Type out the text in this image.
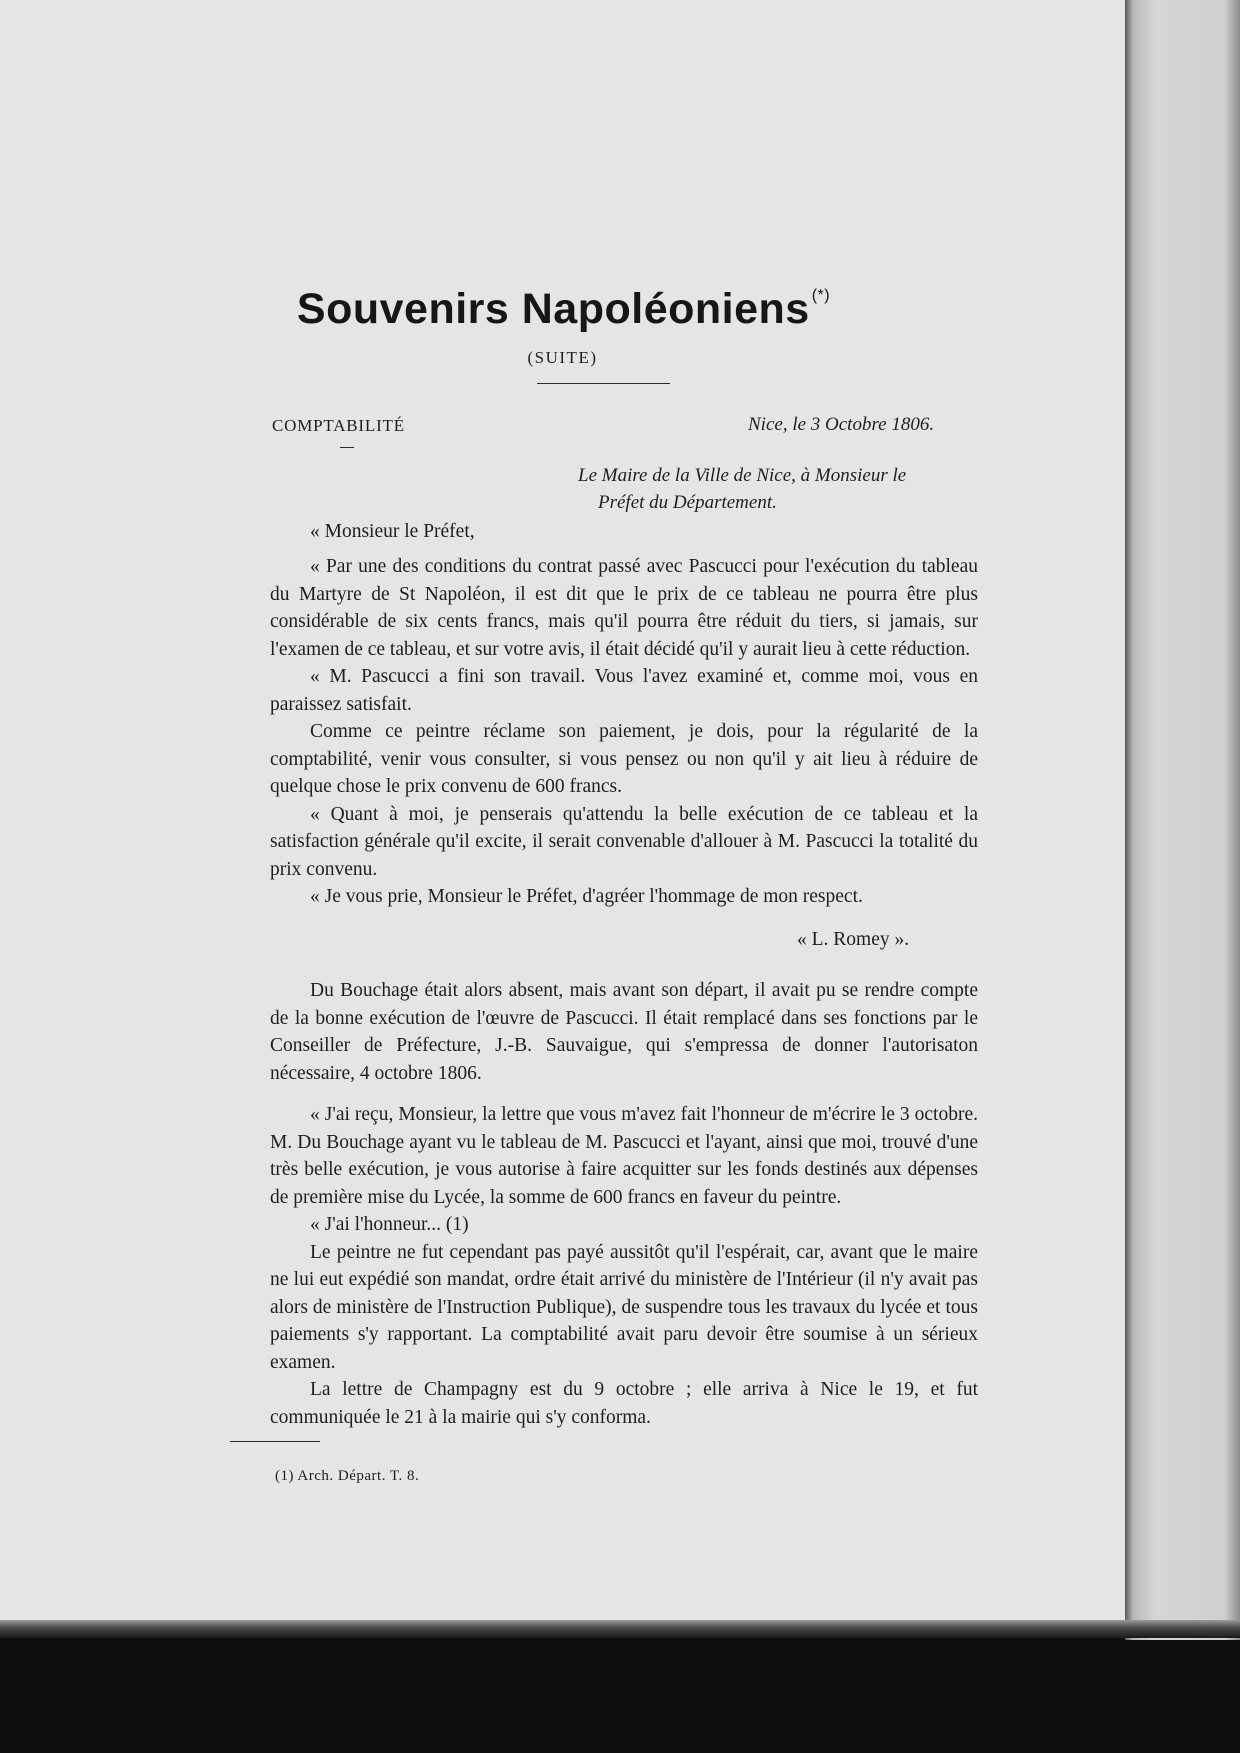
Souvenirs Napoléoniens (*)
(SUITE)
COMPTABILITÉ	Nice, le 3 Octobre 1806.
Le Maire de la Ville de Nice, à Monsieur le
Préfet du Département.
« Monsieur le Préfet,

« Par une des conditions du contrat passé avec Pascucci pour l'exécution du tableau du Martyre de St Napoléon, il est dit que le prix de ce tableau ne pourra être plus considérable de six cents francs, mais qu'il pourra être réduit du tiers, si jamais, sur l'examen de ce tableau, et sur votre avis, il était décidé qu'il y aurait lieu à cette réduction.

« M. Pascucci a fini son travail. Vous l'avez examiné et, comme moi, vous en paraissez satisfait.

Comme ce peintre réclame son paiement, je dois, pour la régularité de la comptabilité, venir vous consulter, si vous pensez ou non qu'il y ait lieu à réduire de quelque chose le prix convenu de 600 francs.

« Quant à moi, je penserais qu'attendu la belle exécution de ce tableau et la satisfaction générale qu'il excite, il serait convenable d'allouer à M. Pascucci la totalité du prix convenu.

« Je vous prie, Monsieur le Préfet, d'agréer l'hommage de mon respect.

« L. Romey ».

Du Bouchage était alors absent, mais avant son départ, il avait pu se rendre compte de la bonne exécution de l'œuvre de Pascucci. Il était remplacé dans ses fonctions par le Conseiller de Préfecture, J.-B. Sauvaigue, qui s'empressa de donner l'autorisaton nécessaire, 4 octobre 1806.

« J'ai reçu, Monsieur, la lettre que vous m'avez fait l'honneur de m'écrire le 3 octobre. M. Du Bouchage ayant vu le tableau de M. Pascucci et l'ayant, ainsi que moi, trouvé d'une très belle exécution, je vous autorise à faire acquitter sur les fonds destinés aux dépenses de première mise du Lycée, la somme de 600 francs en faveur du peintre.

« J'ai l'honneur... (1)

Le peintre ne fut cependant pas payé aussitôt qu'il l'espérait, car, avant que le maire ne lui eut expédié son mandat, ordre était arrivé du ministère de l'Intérieur (il n'y avait pas alors de ministère de l'Instruction Publique), de suspendre tous les travaux du lycée et tous paiements s'y rapportant. La comptabilité avait paru devoir être soumise à un sérieux examen.

La lettre de Champagny est du 9 octobre ; elle arriva à Nice le 19, et fut communiquée le 21 à la mairie qui s'y conforma.

(1) Arch. Départ. T. 8.
